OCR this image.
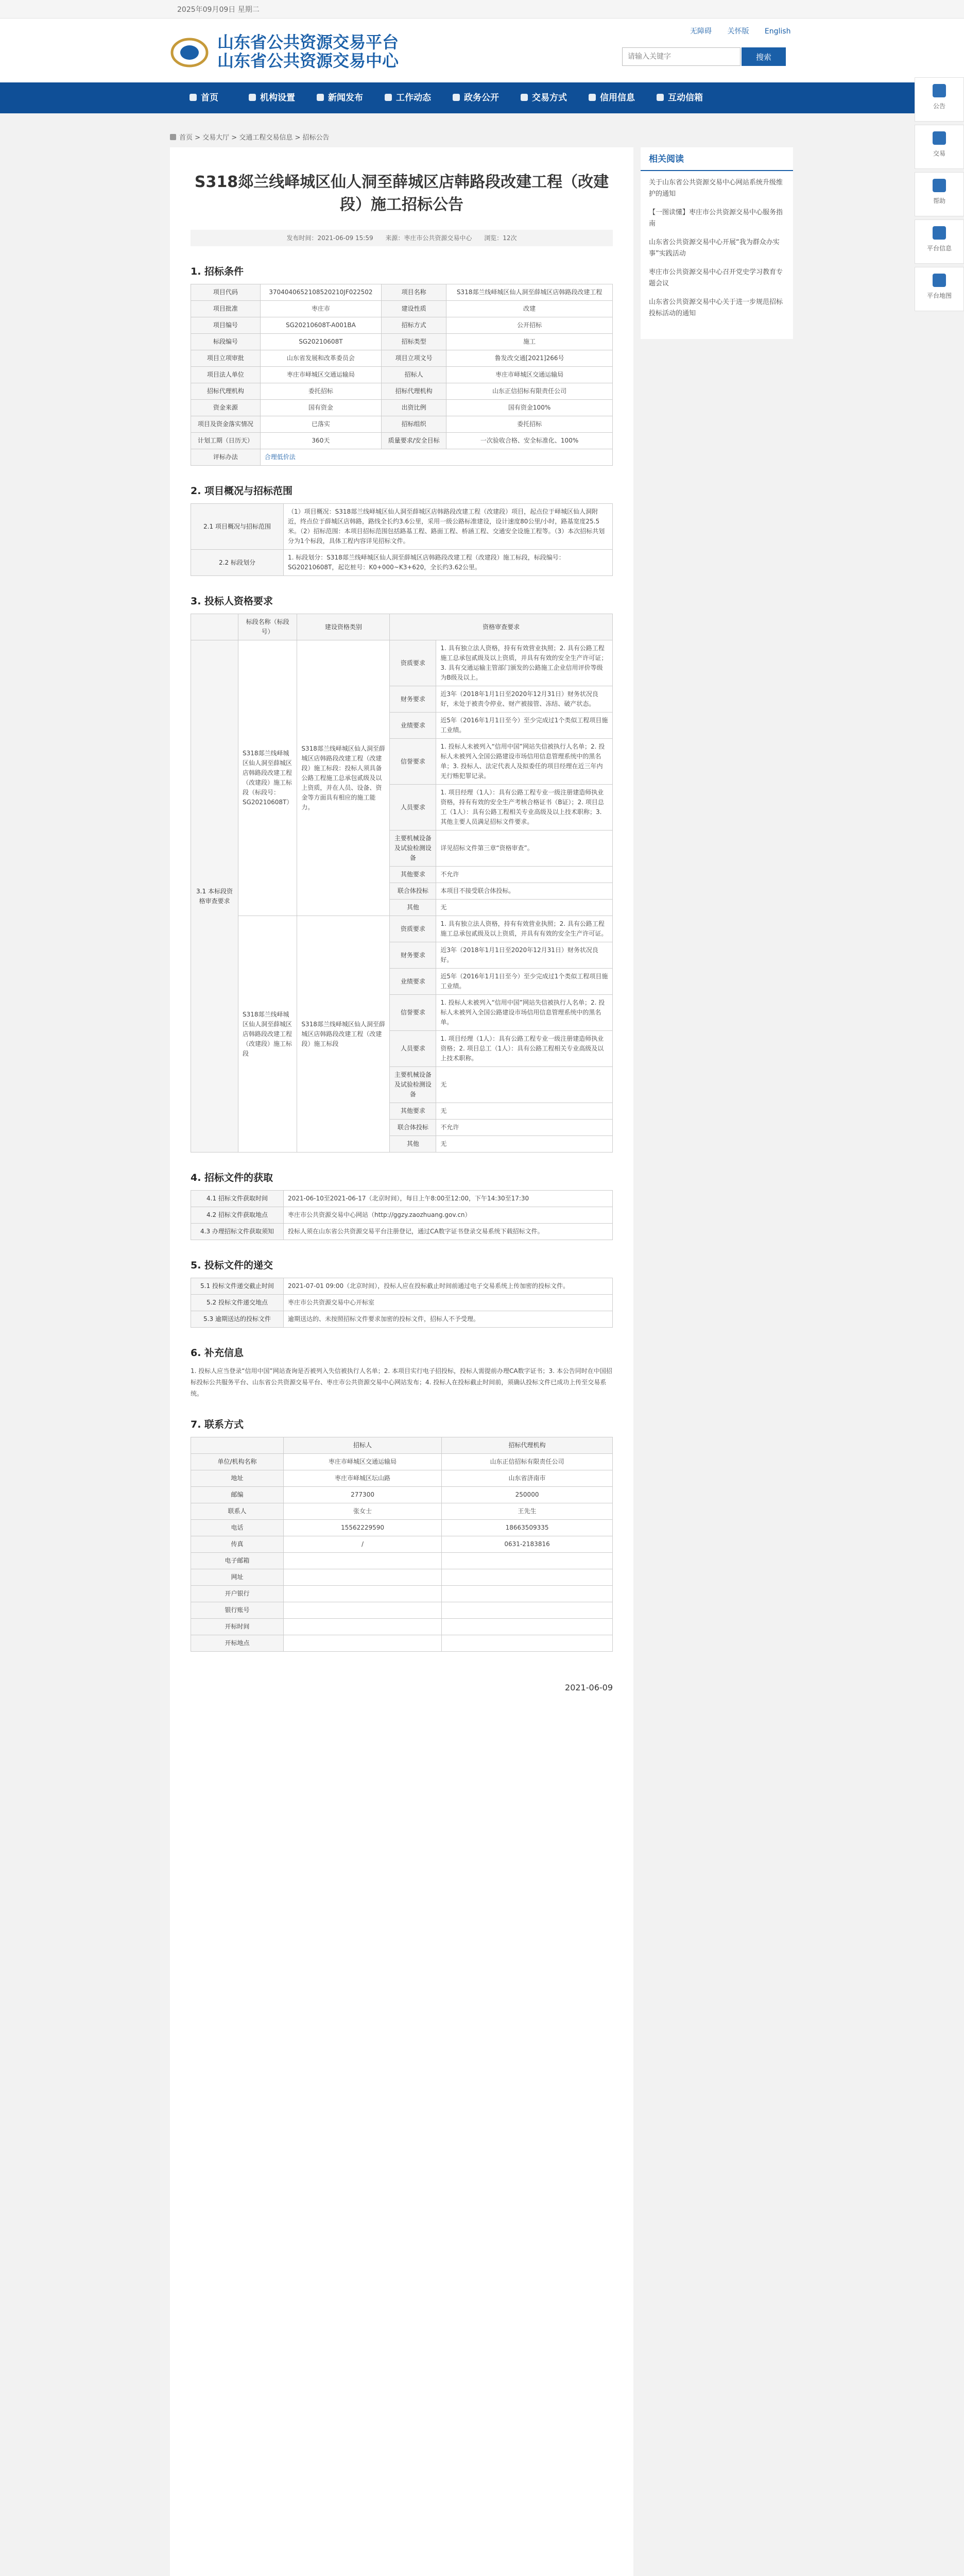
2025年09月09日 星期二
山东省公共资源交易平台
山东省公共资源交易中心
无障碍 关怀版 English
请输入关键字
搜索
首页	机构设置	新闻发布	工作动态	政务公开	交易方式	信用信息	互动信箱
公告
交易
帮助
平台信息
平台地图
首页 > 交易大厅 > 交通工程交易信息 > 招标公告
S318郯兰线峄城区仙人洞至薛城区店韩路段改建工程（改建段）施工招标公告
发布时间：2021-06-09 15:59 来源：枣庄市公共资源交易中心 浏览：12次
1. 招标条件
项目代码	3704040652108520210JF022502	项目名称	S318郯兰线峄城区仙人洞至薛城区店韩路段改建工程
项目批准	枣庄市	建设性质	改建
项目编号	SG20210608T-A001BA	招标方式	公开招标
标段编号	SG20210608T	招标类型	施工
项目立项审批	山东省发展和改革委员会	项目立项文号	鲁发改交通[2021]266号
项目法人单位	枣庄市峄城区交通运输局	招标人	枣庄市峄城区交通运输局
招标代理机构	委托招标	招标代理机构	山东正信招标有限责任公司
资金来源	国有资金	出资比例	国有资金100%
项目及资金落实情况	已落实	招标组织	委托招标
计划工期（日历天）	360天	质量要求/安全目标	一次验收合格、安全标准化、100%
评标办法	合理低价法		
2. 项目概况与招标范围
2.1 项目概况与招标范围	（1）项目概况：S318郯兰线峄城区仙人洞至薛城区店韩路段改建工程（改建段）项目，起点位于峄城区仙人洞附近，终点位于薛城区店韩路，路线全长约3.6公里，采用一级公路标准建设，设计速度80公里/小时，路基宽度25.5米。（2）招标范围：本项目招标范围包括路基工程、路面工程、桥涵工程、交通安全设施工程等。（3）本次招标共划分为1个标段，具体工程内容详见招标文件。
2.2 标段划分	1. 标段划分：S318郯兰线峄城区仙人洞至薛城区店韩路段改建工程（改建段）施工标段，标段编号：SG20210608T，起讫桩号：K0+000~K3+620，全长约3.62公里。
3. 投标人资格要求
	标段名称（标段号）	建设资格类别	资格审查要求	
3.1 本标段资格审查要求	S318郯兰线峄城区仙人洞至薛城区店韩路段改建工程（改建段）施工标段（标段号：SG20210608T）	S318郯兰线峄城区仙人洞至薛城区店韩路段改建工程（改建段）施工标段：投标人须具备公路工程施工总承包贰级及以上资质，并在人员、设备、资金等方面具有相应的施工能力。	资质要求	1. 具有独立法人资格，持有有效营业执照；2. 具有公路工程施工总承包贰级及以上资质，并具有有效的安全生产许可证；3. 具有交通运输主管部门颁发的公路施工企业信用评价等级为B级及以上。
			财务要求	近3年（2018年1月1日至2020年12月31日）财务状况良好，未处于被责令停业、财产被接管、冻结、破产状态。
			业绩要求	近5年（2016年1月1日至今）至少完成过1个类似工程项目施工业绩。
			信誉要求	1. 投标人未被列入“信用中国”网站失信被执行人名单；2. 投标人未被列入全国公路建设市场信用信息管理系统中的黑名单；3. 投标人、法定代表人及拟委任的项目经理在近三年内无行贿犯罪记录。
			人员要求	1. 项目经理（1人）：具有公路工程专业一级注册建造师执业资格，持有有效的安全生产考核合格证书（B证）；2. 项目总工（1人）：具有公路工程相关专业高级及以上技术职称；3. 其他主要人员满足招标文件要求。
			主要机械设备及试验检测设备	详见招标文件第三章“资格审查”。
			其他要求	不允许
			联合体投标	本项目不接受联合体投标。
			其他	无
	S318郯兰线峄城区仙人洞至薛城区店韩路段改建工程（改建段）施工标段	S318郯兰线峄城区仙人洞至薛城区店韩路段改建工程（改建段）施工标段	资质要求	1. 具有独立法人资格，持有有效营业执照；2. 具有公路工程施工总承包贰级及以上资质，并具有有效的安全生产许可证。
			财务要求	近3年（2018年1月1日至2020年12月31日）财务状况良好。
			业绩要求	近5年（2016年1月1日至今）至少完成过1个类似工程项目施工业绩。
			信誉要求	1. 投标人未被列入“信用中国”网站失信被执行人名单；2. 投标人未被列入全国公路建设市场信用信息管理系统中的黑名单。
			人员要求	1. 项目经理（1人）：具有公路工程专业一级注册建造师执业资格；2. 项目总工（1人）：具有公路工程相关专业高级及以上技术职称。
			主要机械设备及试验检测设备	无
			其他要求	无
			联合体投标	不允许
			其他	无
4. 招标文件的获取
4.1 招标文件获取时间	2021-06-10至2021-06-17（北京时间），每日上午8:00至12:00，下午14:30至17:30
4.2 招标文件获取地点	枣庄市公共资源交易中心网站（http://ggzy.zaozhuang.gov.cn）
4.3 办理招标文件获取须知	投标人须在山东省公共资源交易平台注册登记，通过CA数字证书登录交易系统下载招标文件。
5. 投标文件的递交
5.1 投标文件递交截止时间	2021-07-01 09:00（北京时间），投标人应在投标截止时间前通过电子交易系统上传加密的投标文件。
5.2 投标文件递交地点	枣庄市公共资源交易中心开标室
5.3 逾期送达的投标文件	逾期送达的、未按照招标文件要求加密的投标文件，招标人不予受理。
6. 补充信息

1. 投标人应当登录“信用中国”网站查询是否被列入失信被执行人名单；2. 本项目实行电子招投标，投标人需提前办理CA数字证书；3. 本公告同时在中国招标投标公共服务平台、山东省公共资源交易平台、枣庄市公共资源交易中心网站发布；4. 投标人在投标截止时间前，须确认投标文件已成功上传至交易系统。

7. 联系方式
	招标人	招标代理机构
单位/机构名称	枣庄市峄城区交通运输局	山东正信招标有限责任公司
地址	枣庄市峄城区坛山路	山东省济南市
邮编	277300	250000
联系人	张女士	王先生
电话	15562229590	18663509335
传真	/	0631-2183816
电子邮箱		
网址		
开户银行		
银行账号		
开标时间		
开标地点		
2021-06-09
相关阅读
关于山东省公共资源交易中心网站系统升级维护的通知
【一图读懂】枣庄市公共资源交易中心服务指南
山东省公共资源交易中心开展“我为群众办实事”实践活动
枣庄市公共资源交易中心召开党史学习教育专题会议
山东省公共资源交易中心关于进一步规范招标投标活动的通知
